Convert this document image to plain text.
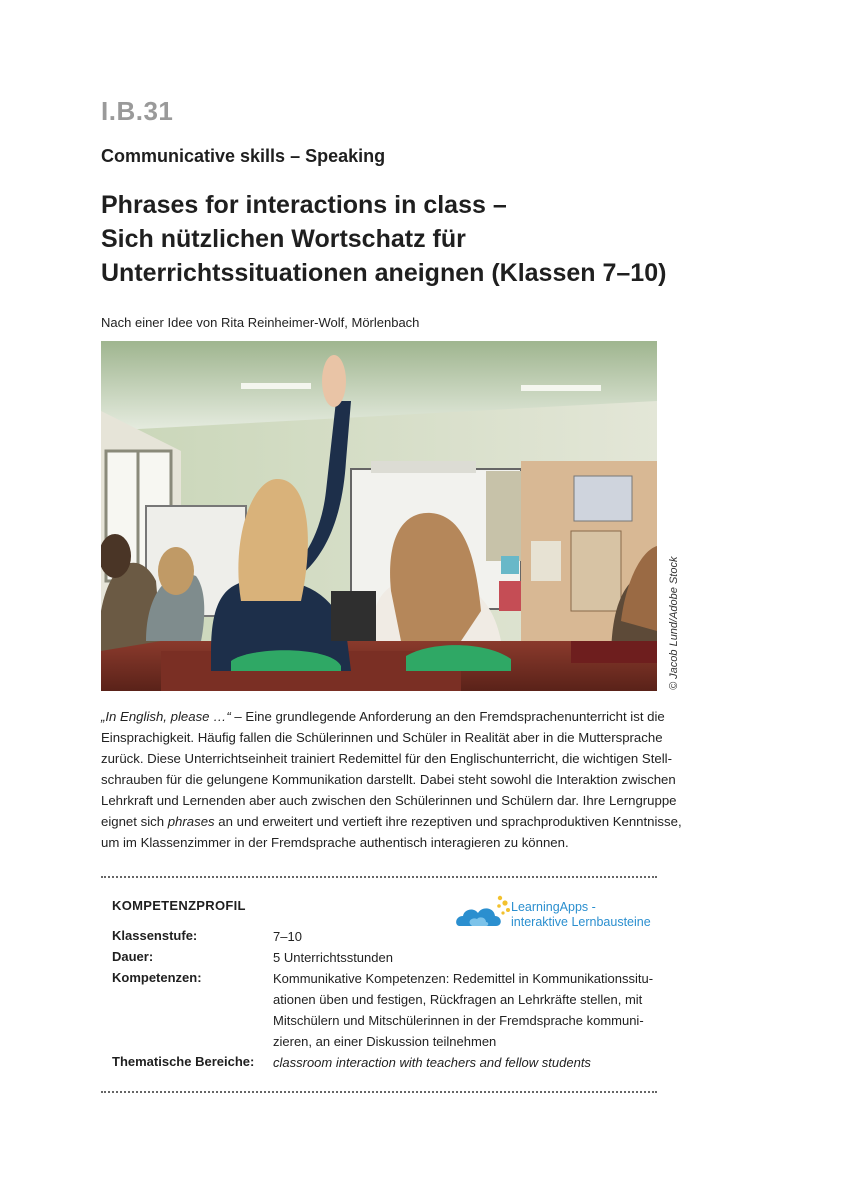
I.B.31
Communicative skills – Speaking
Phrases for interactions in class –
Sich nützlichen Wortschatz für
Unterrichtssituationen aneignen (Klassen 7–10)
Nach einer Idee von Rita Reinheimer-Wolf, Mörlenbach
© Jacob Lund/Adobe Stock
„In English, please …“ – Eine grundlegende Anforderung an den Fremdsprachenunterricht ist die
Einsprachigkeit. Häufig fallen die Schülerinnen und Schüler in Realität aber in die Muttersprache
zurück. Diese Unterrichtseinheit trainiert Redemittel für den Englischunterricht, die wichtigen Stell-
schrauben für die gelungene Kommunikation darstellt. Dabei steht sowohl die Interaktion zwischen
Lehrkraft und Lernenden aber auch zwischen den Schülerinnen und Schülern dar. Ihre Lerngruppe
eignet sich phrases an und erweitert und vertieft ihre rezeptiven und sprachproduktiven Kenntnisse,
um im Klassenzimmer in der Fremdsprache authentisch interagieren zu können.
KOMPETENZPROFIL	LearningApps -
interaktive Lernbausteine
Klassenstufe:	7–10
Dauer:	5 Unterrichtsstunden
Kompetenzen:	Kommunikative Kompetenzen: Redemittel in Kommunikationssitu-
ationen üben und festigen, Rückfragen an Lehrkräfte stellen, mit
Mitschülern und Mitschülerinnen in der Fremdsprache kommuni-
zieren, an einer Diskussion teilnehmen
Thematische Bereiche: classroom interaction with teachers and fellow students
